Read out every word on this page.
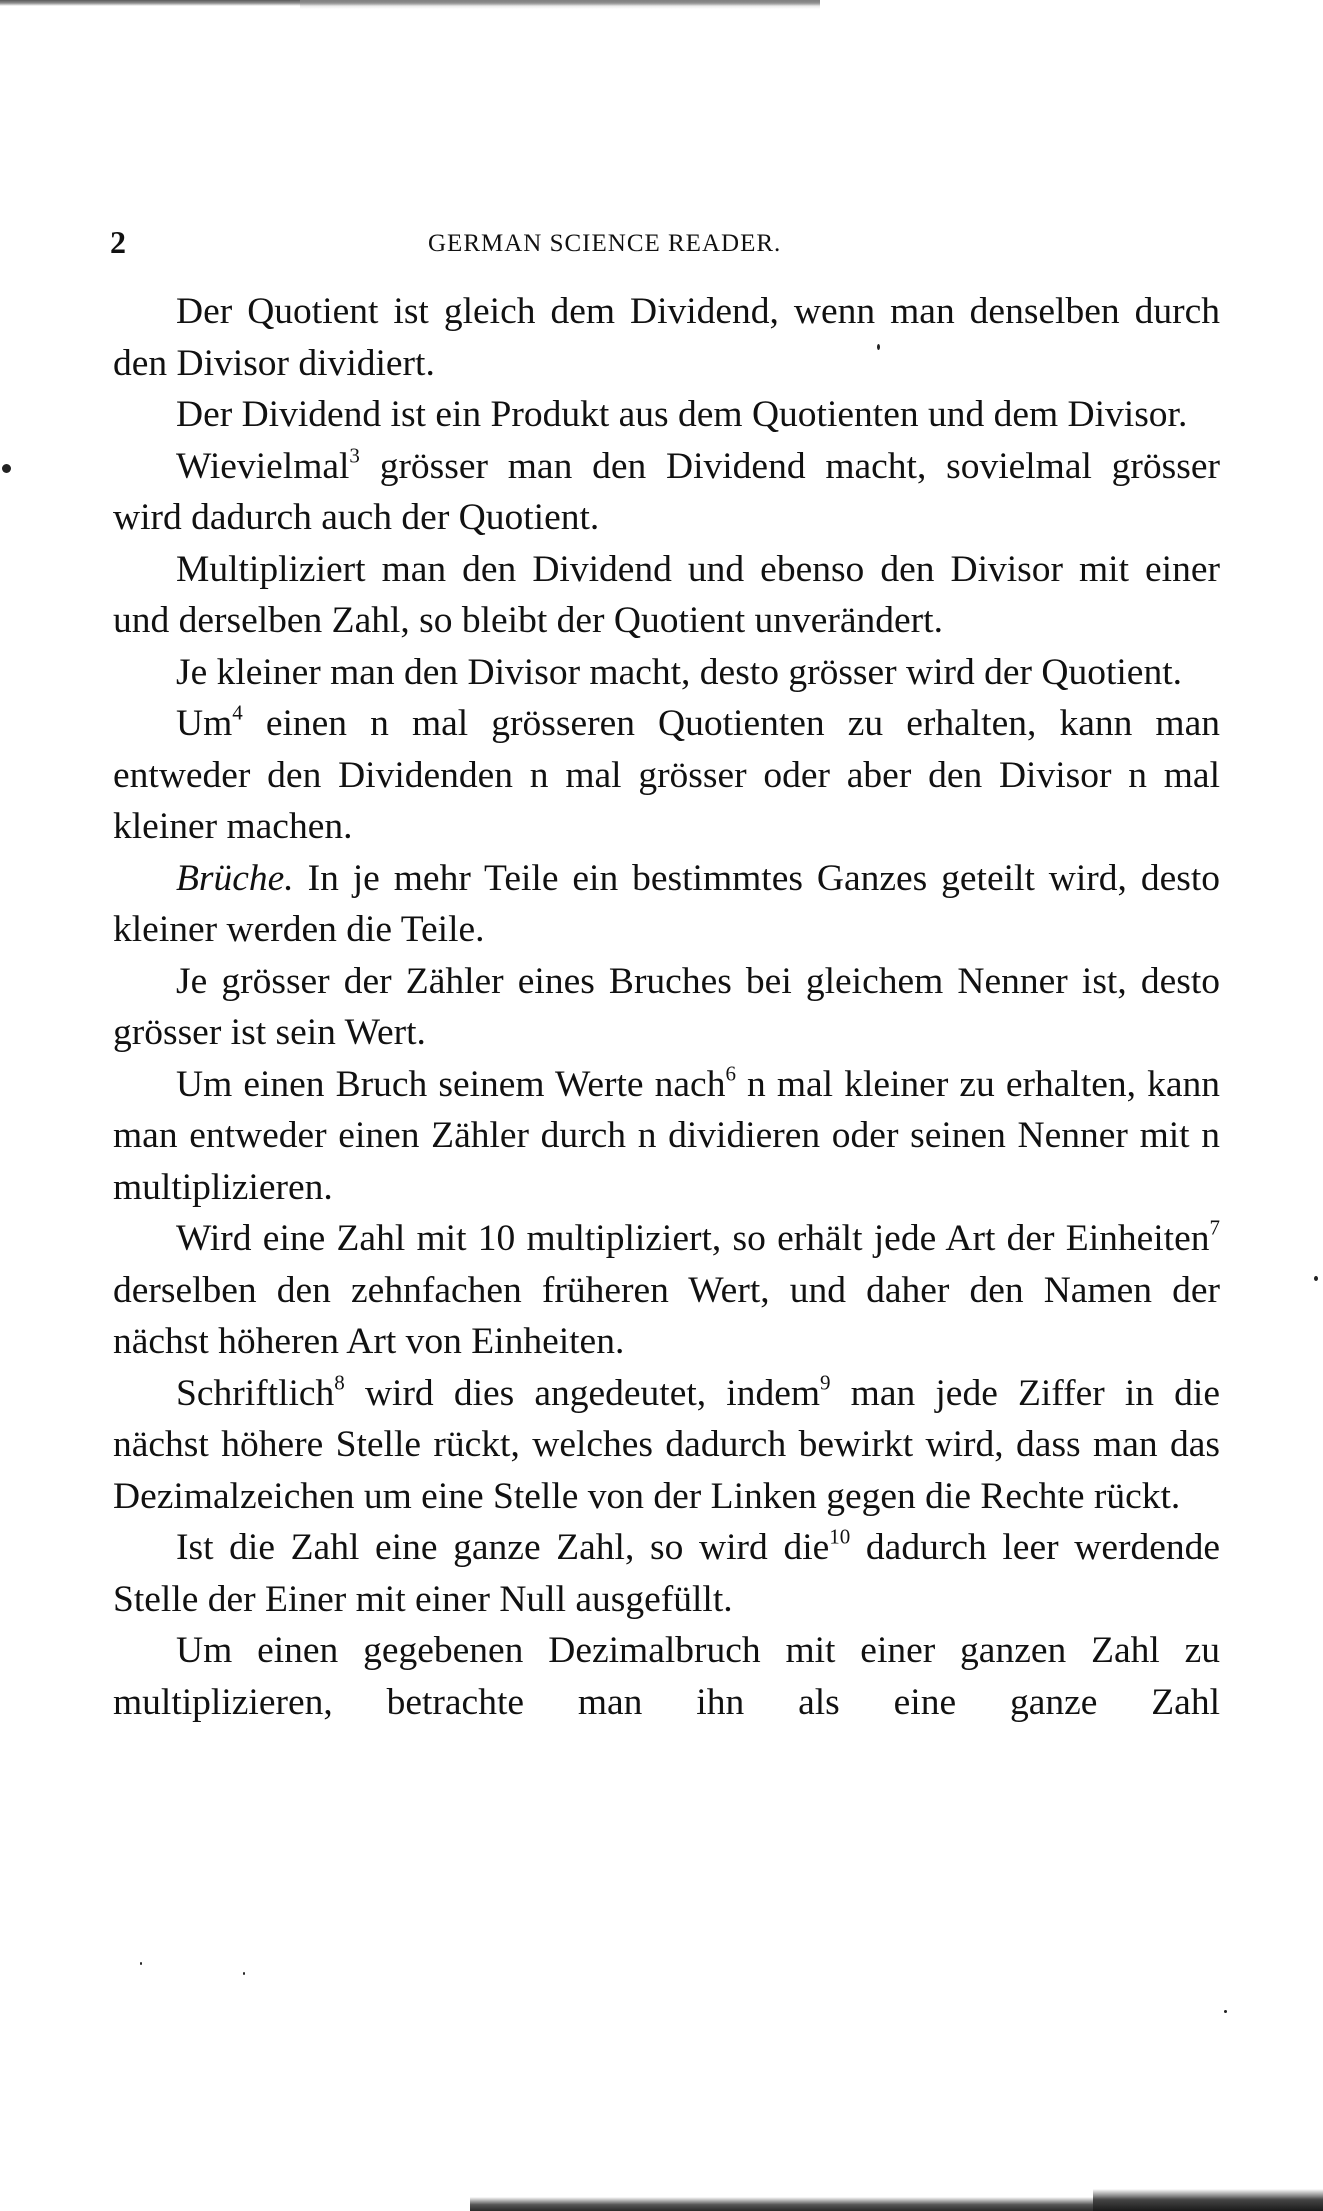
2	GERMAN SCIENCE READER.

Der Quotient ist gleich dem Dividend, wenn man denselben durch den Divisor dividiert.

Der Dividend ist ein Produkt aus dem Quotienten und dem Divisor.

Wievielmal$^3$ grösser man den Dividend macht, sovielmal grösser wird dadurch auch der Quotient.

Multipliziert man den Dividend und ebenso den Divisor mit einer und derselben Zahl, so bleibt der Quotient unverändert.

Je kleiner man den Divisor macht, desto grösser wird der Quotient.

Um$^4$ einen n mal grösseren Quotienten zu erhalten, kann man entweder den Dividenden n mal grösser oder aber den Divisor n mal kleiner machen.

Brüche. In je mehr Teile ein bestimmtes Ganzes geteilt wird, desto kleiner werden die Teile.

Je grösser der Zähler eines Bruches bei gleichem Nenner ist, desto grösser ist sein Wert.

Um einen Bruch seinem Werte nach$^6$ n mal kleiner zu erhalten, kann man entweder einen Zähler durch n dividieren oder seinen Nenner mit n multiplizieren.

Wird eine Zahl mit 10 multipliziert, so erhält jede Art der Einheiten$^7$ derselben den zehnfachen früheren Wert, und daher den Namen der nächst höheren Art von Einheiten.

Schriftlich$^8$ wird dies angedeutet, indem$^9$ man jede Ziffer in die nächst höhere Stelle rückt, welches dadurch bewirkt wird, dass man das Dezimalzeichen um eine Stelle von der Linken gegen die Rechte rückt.

Ist die Zahl eine ganze Zahl, so wird die$^{10}$ dadurch leer werdende Stelle der Einer mit einer Null ausgefüllt.

Um einen gegebenen Dezimalbruch mit einer ganzen Zahl zu multiplizieren, betrachte man ihn als eine ganze Zahl
